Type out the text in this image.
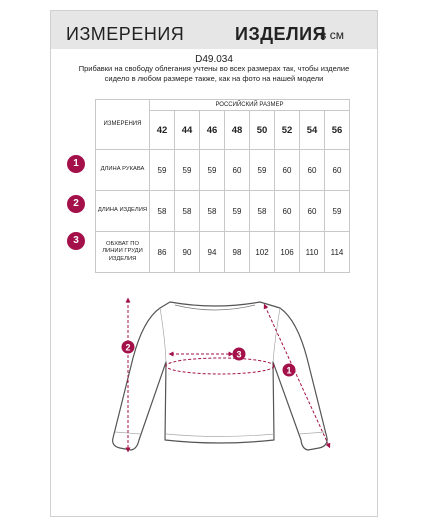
ИЗМЕРЕНИЯ	ИЗДЕЛИЯ
в см
D49.034
Прибавки на свободу облегания учтены во всех размерах так, чтобы изделие сидело в любом размере также, как на фото на нашей модели
ИЗМЕРЕНИЯ	РОССИЙСКИЙ РАЗМЕР							
	42	44	46	48	50	52	54	56
ДЛИНА РУКАВА	59	59	59	60	59	60	60	60
ДЛИНА ИЗДЕЛИЯ	58	58	58	59	58	60	60	59
ОБХВАТ ПО ЛИНИИ ГРУДИ ИЗДЕЛИЯ	86	90	94	98	102	106	110	114
1
2
3
2
3
1
